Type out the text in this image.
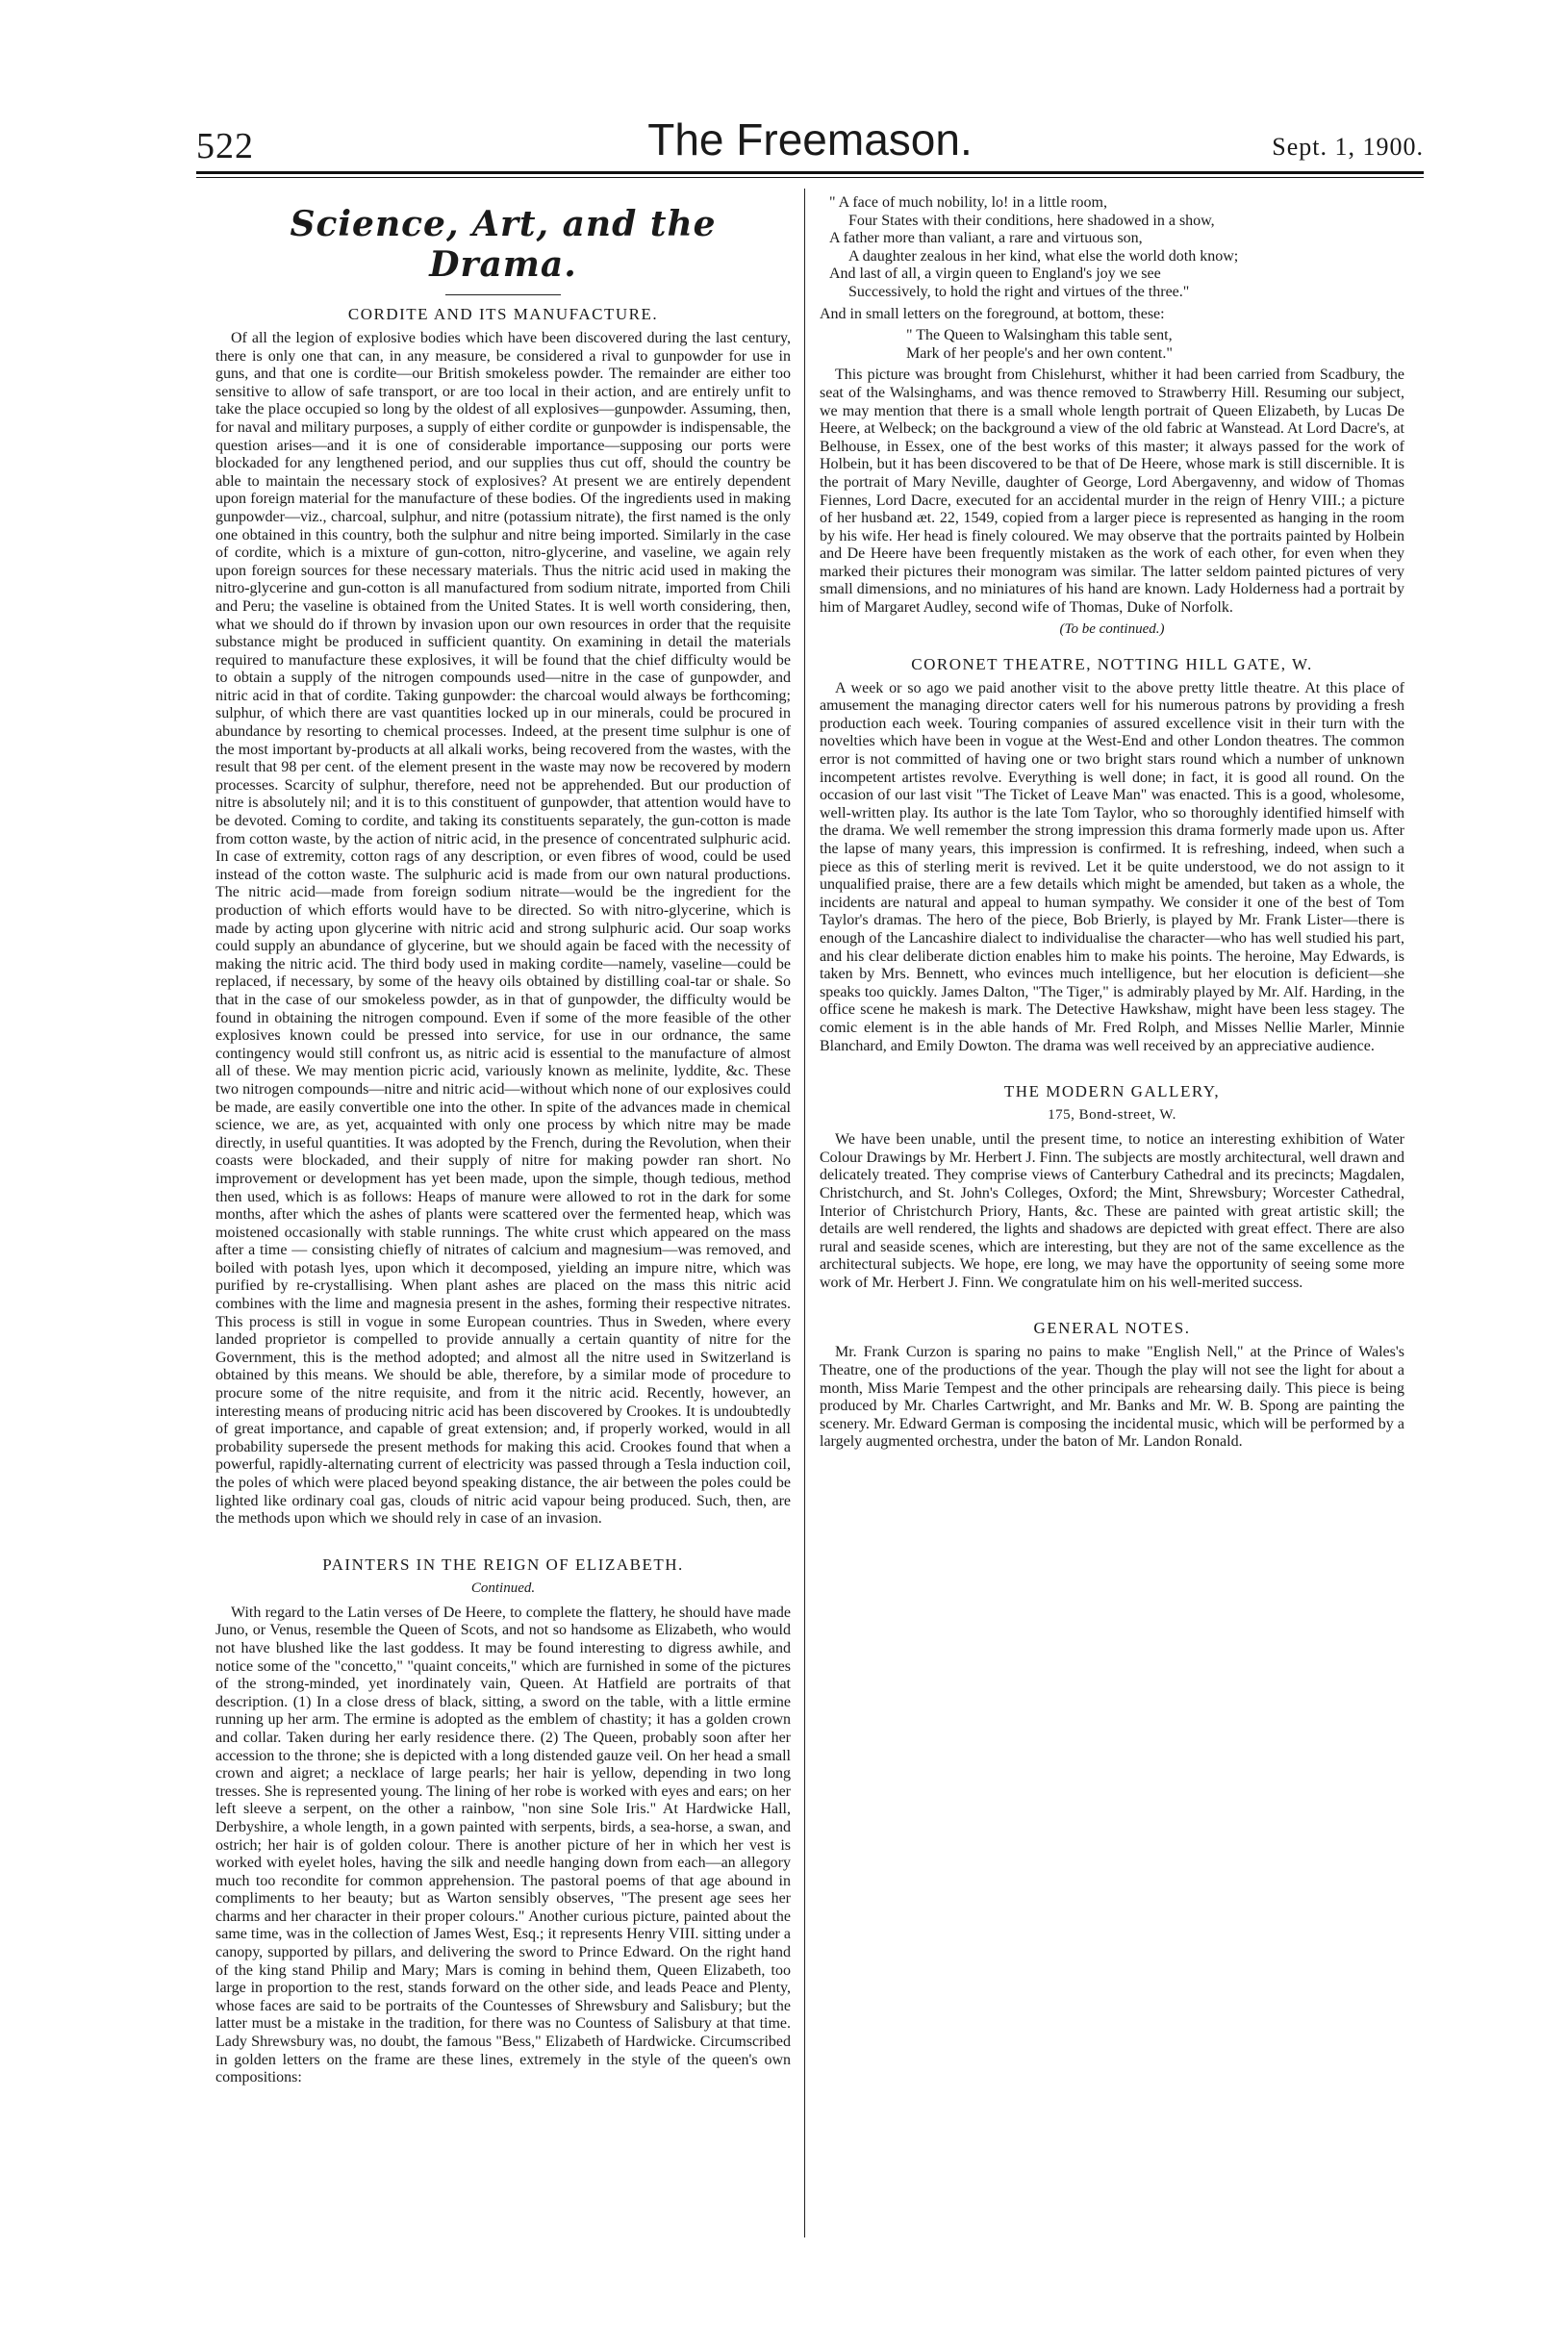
522	The Freemason.	Sept. 1, 1900.
Science, Art, and the Drama.
CORDITE AND ITS MANUFACTURE.

Of all the legion of explosive bodies which have been discovered during the last century, there is only one that can, in any measure, be considered a rival to gunpowder for use in guns, and that one is cordite—our British smokeless powder. The remainder are either too sensitive to allow of safe transport, or are too local in their action, and are entirely unfit to take the place occupied so long by the oldest of all explosives—gunpowder. Assuming, then, for naval and military purposes, a supply of either cordite or gunpowder is indispensable, the question arises—and it is one of considerable importance—supposing our ports were blockaded for any lengthened period, and our supplies thus cut off, should the country be able to maintain the necessary stock of explosives? At present we are entirely dependent upon foreign material for the manufacture of these bodies. Of the ingredients used in making gunpowder—viz., charcoal, sulphur, and nitre (potassium nitrate), the first named is the only one obtained in this country, both the sulphur and nitre being imported. Similarly in the case of cordite, which is a mixture of gun-cotton, nitro-glycerine, and vaseline, we again rely upon foreign sources for these necessary materials. Thus the nitric acid used in making the nitro-glycerine and gun-cotton is all manufactured from sodium nitrate, imported from Chili and Peru; the vaseline is obtained from the United States. It is well worth considering, then, what we should do if thrown by invasion upon our own resources in order that the requisite substance might be produced in sufficient quantity. On examining in detail the materials required to manufacture these explosives, it will be found that the chief difficulty would be to obtain a supply of the nitrogen compounds used—nitre in the case of gunpowder, and nitric acid in that of cordite. Taking gunpowder: the charcoal would always be forthcoming; sulphur, of which there are vast quantities locked up in our minerals, could be procured in abundance by resorting to chemical processes. Indeed, at the present time sulphur is one of the most important by-products at all alkali works, being recovered from the wastes, with the result that 98 per cent. of the element present in the waste may now be recovered by modern processes. Scarcity of sulphur, therefore, need not be apprehended. But our production of nitre is absolutely nil; and it is to this constituent of gunpowder, that attention would have to be devoted. Coming to cordite, and taking its constituents separately, the gun-cotton is made from cotton waste, by the action of nitric acid, in the presence of concentrated sulphuric acid. In case of extremity, cotton rags of any description, or even fibres of wood, could be used instead of the cotton waste. The sulphuric acid is made from our own natural productions. The nitric acid—made from foreign sodium nitrate—would be the ingredient for the production of which efforts would have to be directed. So with nitro-glycerine, which is made by acting upon glycerine with nitric acid and strong sulphuric acid. Our soap works could supply an abundance of glycerine, but we should again be faced with the necessity of making the nitric acid. The third body used in making cordite—namely, vaseline—could be replaced, if necessary, by some of the heavy oils obtained by distilling coal-tar or shale. So that in the case of our smokeless powder, as in that of gunpowder, the difficulty would be found in obtaining the nitrogen compound. Even if some of the more feasible of the other explosives known could be pressed into service, for use in our ordnance, the same contingency would still confront us, as nitric acid is essential to the manufacture of almost all of these. We may mention picric acid, variously known as melinite, lyddite, &c. These two nitrogen compounds—nitre and nitric acid—without which none of our explosives could be made, are easily convertible one into the other. In spite of the advances made in chemical science, we are, as yet, acquainted with only one process by which nitre may be made directly, in useful quantities. It was adopted by the French, during the Revolution, when their coasts were blockaded, and their supply of nitre for making powder ran short. No improvement or development has yet been made, upon the simple, though tedious, method then used, which is as follows: Heaps of manure were allowed to rot in the dark for some months, after which the ashes of plants were scattered over the fermented heap, which was moistened occasionally with stable runnings. The white crust which appeared on the mass after a time — consisting chiefly of nitrates of calcium and magnesium—was removed, and boiled with potash lyes, upon which it decomposed, yielding an impure nitre, which was purified by re-crystallising. When plant ashes are placed on the mass this nitric acid combines with the lime and magnesia present in the ashes, forming their respective nitrates. This process is still in vogue in some European countries. Thus in Sweden, where every landed proprietor is compelled to provide annually a certain quantity of nitre for the Government, this is the method adopted; and almost all the nitre used in Switzerland is obtained by this means. We should be able, therefore, by a similar mode of procedure to procure some of the nitre requisite, and from it the nitric acid. Recently, however, an interesting means of producing nitric acid has been discovered by Crookes. It is undoubtedly of great importance, and capable of great extension; and, if properly worked, would in all probability supersede the present methods for making this acid. Crookes found that when a powerful, rapidly-alternating current of electricity was passed through a Tesla induction coil, the poles of which were placed beyond speaking distance, the air between the poles could be lighted like ordinary coal gas, clouds of nitric acid vapour being produced. Such, then, are the methods upon which we should rely in case of an invasion.

PAINTERS IN THE REIGN OF ELIZABETH.
Continued.

With regard to the Latin verses of De Heere, to complete the flattery, he should have made Juno, or Venus, resemble the Queen of Scots, and not so handsome as Elizabeth, who would not have blushed like the last goddess. It may be found interesting to digress awhile, and notice some of the "concetto," "quaint conceits," which are furnished in some of the pictures of the strong-minded, yet inordinately vain, Queen. At Hatfield are portraits of that description. (1) In a close dress of black, sitting, a sword on the table, with a little ermine running up her arm. The ermine is adopted as the emblem of chastity; it has a golden crown and collar. Taken during her early residence there. (2) The Queen, probably soon after her accession to the throne; she is depicted with a long distended gauze veil. On her head a small crown and aigret; a necklace of large pearls; her hair is yellow, depending in two long tresses. She is represented young. The lining of her robe is worked with eyes and ears; on her left sleeve a serpent, on the other a rainbow, "non sine Sole Iris." At Hardwicke Hall, Derbyshire, a whole length, in a gown painted with serpents, birds, a sea-horse, a swan, and ostrich; her hair is of golden colour. There is another picture of her in which her vest is worked with eyelet holes, having the silk and needle hanging down from each—an allegory much too recondite for common apprehension. The pastoral poems of that age abound in compliments to her beauty; but as Warton sensibly observes, "The present age sees her charms and her character in their proper colours." Another curious picture, painted about the same time, was in the collection of James West, Esq.; it represents Henry VIII. sitting under a canopy, supported by pillars, and delivering the sword to Prince Edward. On the right hand of the king stand Philip and Mary; Mars is coming in behind them, Queen Elizabeth, too large in proportion to the rest, stands forward on the other side, and leads Peace and Plenty, whose faces are said to be portraits of the Countesses of Shrewsbury and Salisbury; but the latter must be a mistake in the tradition, for there was no Countess of Salisbury at that time. Lady Shrewsbury was, no doubt, the famous "Bess," Elizabeth of Hardwicke. Circumscribed in golden letters on the frame are these lines, extremely in the style of the queen's own compositions:

" A face of much nobility, lo! in a little room,
Four States with their conditions, here shadowed in a show,
A father more than valiant, a rare and virtuous son,
A daughter zealous in her kind, what else the world doth know;
And last of all, a virgin queen to England's joy we see
Successively, to hold the right and virtues of the three."

And in small letters on the foreground, at bottom, these:

" The Queen to Walsingham this table sent,
Mark of her people's and her own content."

This picture was brought from Chislehurst, whither it had been carried from Scadbury, the seat of the Walsinghams, and was thence removed to Strawberry Hill. Resuming our subject, we may mention that there is a small whole length portrait of Queen Elizabeth, by Lucas De Heere, at Welbeck; on the background a view of the old fabric at Wanstead. At Lord Dacre's, at Belhouse, in Essex, one of the best works of this master; it always passed for the work of Holbein, but it has been discovered to be that of De Heere, whose mark is still discernible. It is the portrait of Mary Neville, daughter of George, Lord Abergavenny, and widow of Thomas Fiennes, Lord Dacre, executed for an accidental murder in the reign of Henry VIII.; a picture of her husband æt. 22, 1549, copied from a larger piece is represented as hanging in the room by his wife. Her head is finely coloured. We may observe that the portraits painted by Holbein and De Heere have been frequently mistaken as the work of each other, for even when they marked their pictures their monogram was similar. The latter seldom painted pictures of very small dimensions, and no miniatures of his hand are known. Lady Holderness had a portrait by him of Margaret Audley, second wife of Thomas, Duke of Norfolk.

(To be continued.)
CORONET THEATRE, NOTTING HILL GATE, W.

A week or so ago we paid another visit to the above pretty little theatre. At this place of amusement the managing director caters well for his numerous patrons by providing a fresh production each week. Touring companies of assured excellence visit in their turn with the novelties which have been in vogue at the West-End and other London theatres. The common error is not committed of having one or two bright stars round which a number of unknown incompetent artistes revolve. Everything is well done; in fact, it is good all round. On the occasion of our last visit "The Ticket of Leave Man" was enacted. This is a good, wholesome, well-written play. Its author is the late Tom Taylor, who so thoroughly identified himself with the drama. We well remember the strong impression this drama formerly made upon us. After the lapse of many years, this impression is confirmed. It is refreshing, indeed, when such a piece as this of sterling merit is revived. Let it be quite understood, we do not assign to it unqualified praise, there are a few details which might be amended, but taken as a whole, the incidents are natural and appeal to human sympathy. We consider it one of the best of Tom Taylor's dramas. The hero of the piece, Bob Brierly, is played by Mr. Frank Lister—there is enough of the Lancashire dialect to individualise the character—who has well studied his part, and his clear deliberate diction enables him to make his points. The heroine, May Edwards, is taken by Mrs. Bennett, who evinces much intelligence, but her elocution is deficient—she speaks too quickly. James Dalton, "The Tiger," is admirably played by Mr. Alf. Harding, in the office scene he makesh is mark. The Detective Hawkshaw, might have been less stagey. The comic element is in the able hands of Mr. Fred Rolph, and Misses Nellie Marler, Minnie Blanchard, and Emily Dowton. The drama was well received by an appreciative audience.

THE MODERN GALLERY,
175, Bond-street, W.

We have been unable, until the present time, to notice an interesting exhibition of Water Colour Drawings by Mr. Herbert J. Finn. The subjects are mostly architectural, well drawn and delicately treated. They comprise views of Canterbury Cathedral and its precincts; Magdalen, Christchurch, and St. John's Colleges, Oxford; the Mint, Shrewsbury; Worcester Cathedral, Interior of Christchurch Priory, Hants, &c. These are painted with great artistic skill; the details are well rendered, the lights and shadows are depicted with great effect. There are also rural and seaside scenes, which are interesting, but they are not of the same excellence as the architectural subjects. We hope, ere long, we may have the opportunity of seeing some more work of Mr. Herbert J. Finn. We congratulate him on his well-merited success.

GENERAL NOTES.

Mr. Frank Curzon is sparing no pains to make "English Nell," at the Prince of Wales's Theatre, one of the productions of the year. Though the play will not see the light for about a month, Miss Marie Tempest and the other principals are rehearsing daily. This piece is being produced by Mr. Charles Cartwright, and Mr. Banks and Mr. W. B. Spong are painting the scenery. Mr. Edward German is composing the incidental music, which will be performed by a largely augmented orchestra, under the baton of Mr. Landon Ronald.
